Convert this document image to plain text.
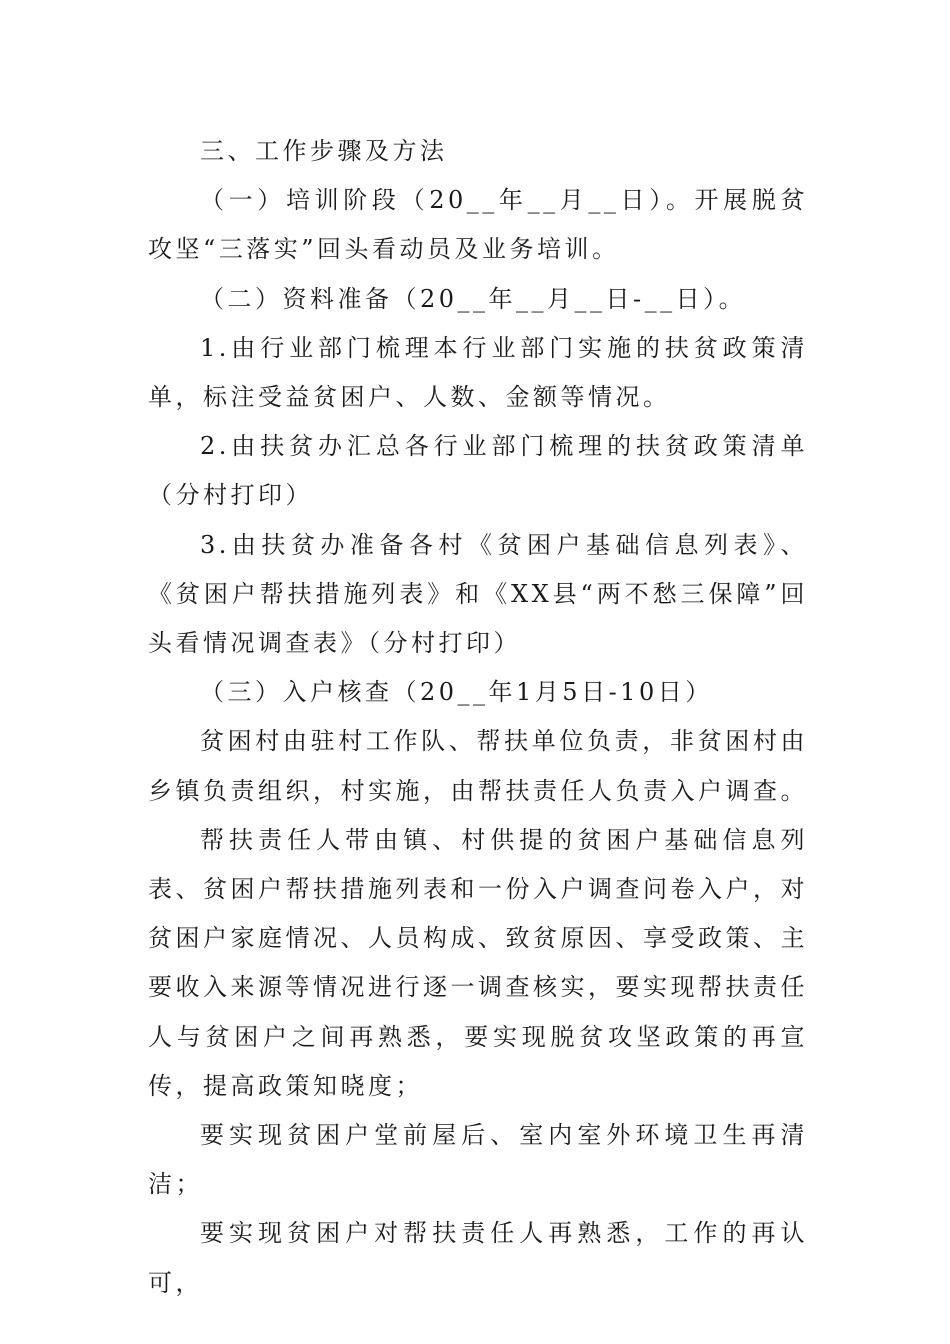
三、工作步骤及方法

（一）培训阶段（20__年__月__日）。开展脱贫攻坚“三落实”回头看动员及业务培训。

（二）资料准备（20__年__月__日-__日）。

1.由行业部门梳理本行业部门实施的扶贫政策清单，标注受益贫困户、人数、金额等情况。

2.由扶贫办汇总各行业部门梳理的扶贫政策清单（分村打印）

3.由扶贫办准备各村《贫困户基础信息列表》、《贫困户帮扶措施列表》和《XX县“两不愁三保障”回头看情况调查表》（分村打印）

（三）入户核查（20__年1月5日-10日）

贫困村由驻村工作队、帮扶单位负责，非贫困村由乡镇负责组织，村实施，由帮扶责任人负责入户调查。

帮扶责任人带由镇、村供提的贫困户基础信息列表、贫困户帮扶措施列表和一份入户调查问卷入户，对贫困户家庭情况、人员构成、致贫原因、享受政策、主要收入来源等情况进行逐一调查核实，要实现帮扶责任人与贫困户之间再熟悉，要实现脱贫攻坚政策的再宣传，提高政策知晓度；

要实现贫困户堂前屋后、室内室外环境卫生再清洁；

要实现贫困户对帮扶责任人再熟悉，工作的再认可，
